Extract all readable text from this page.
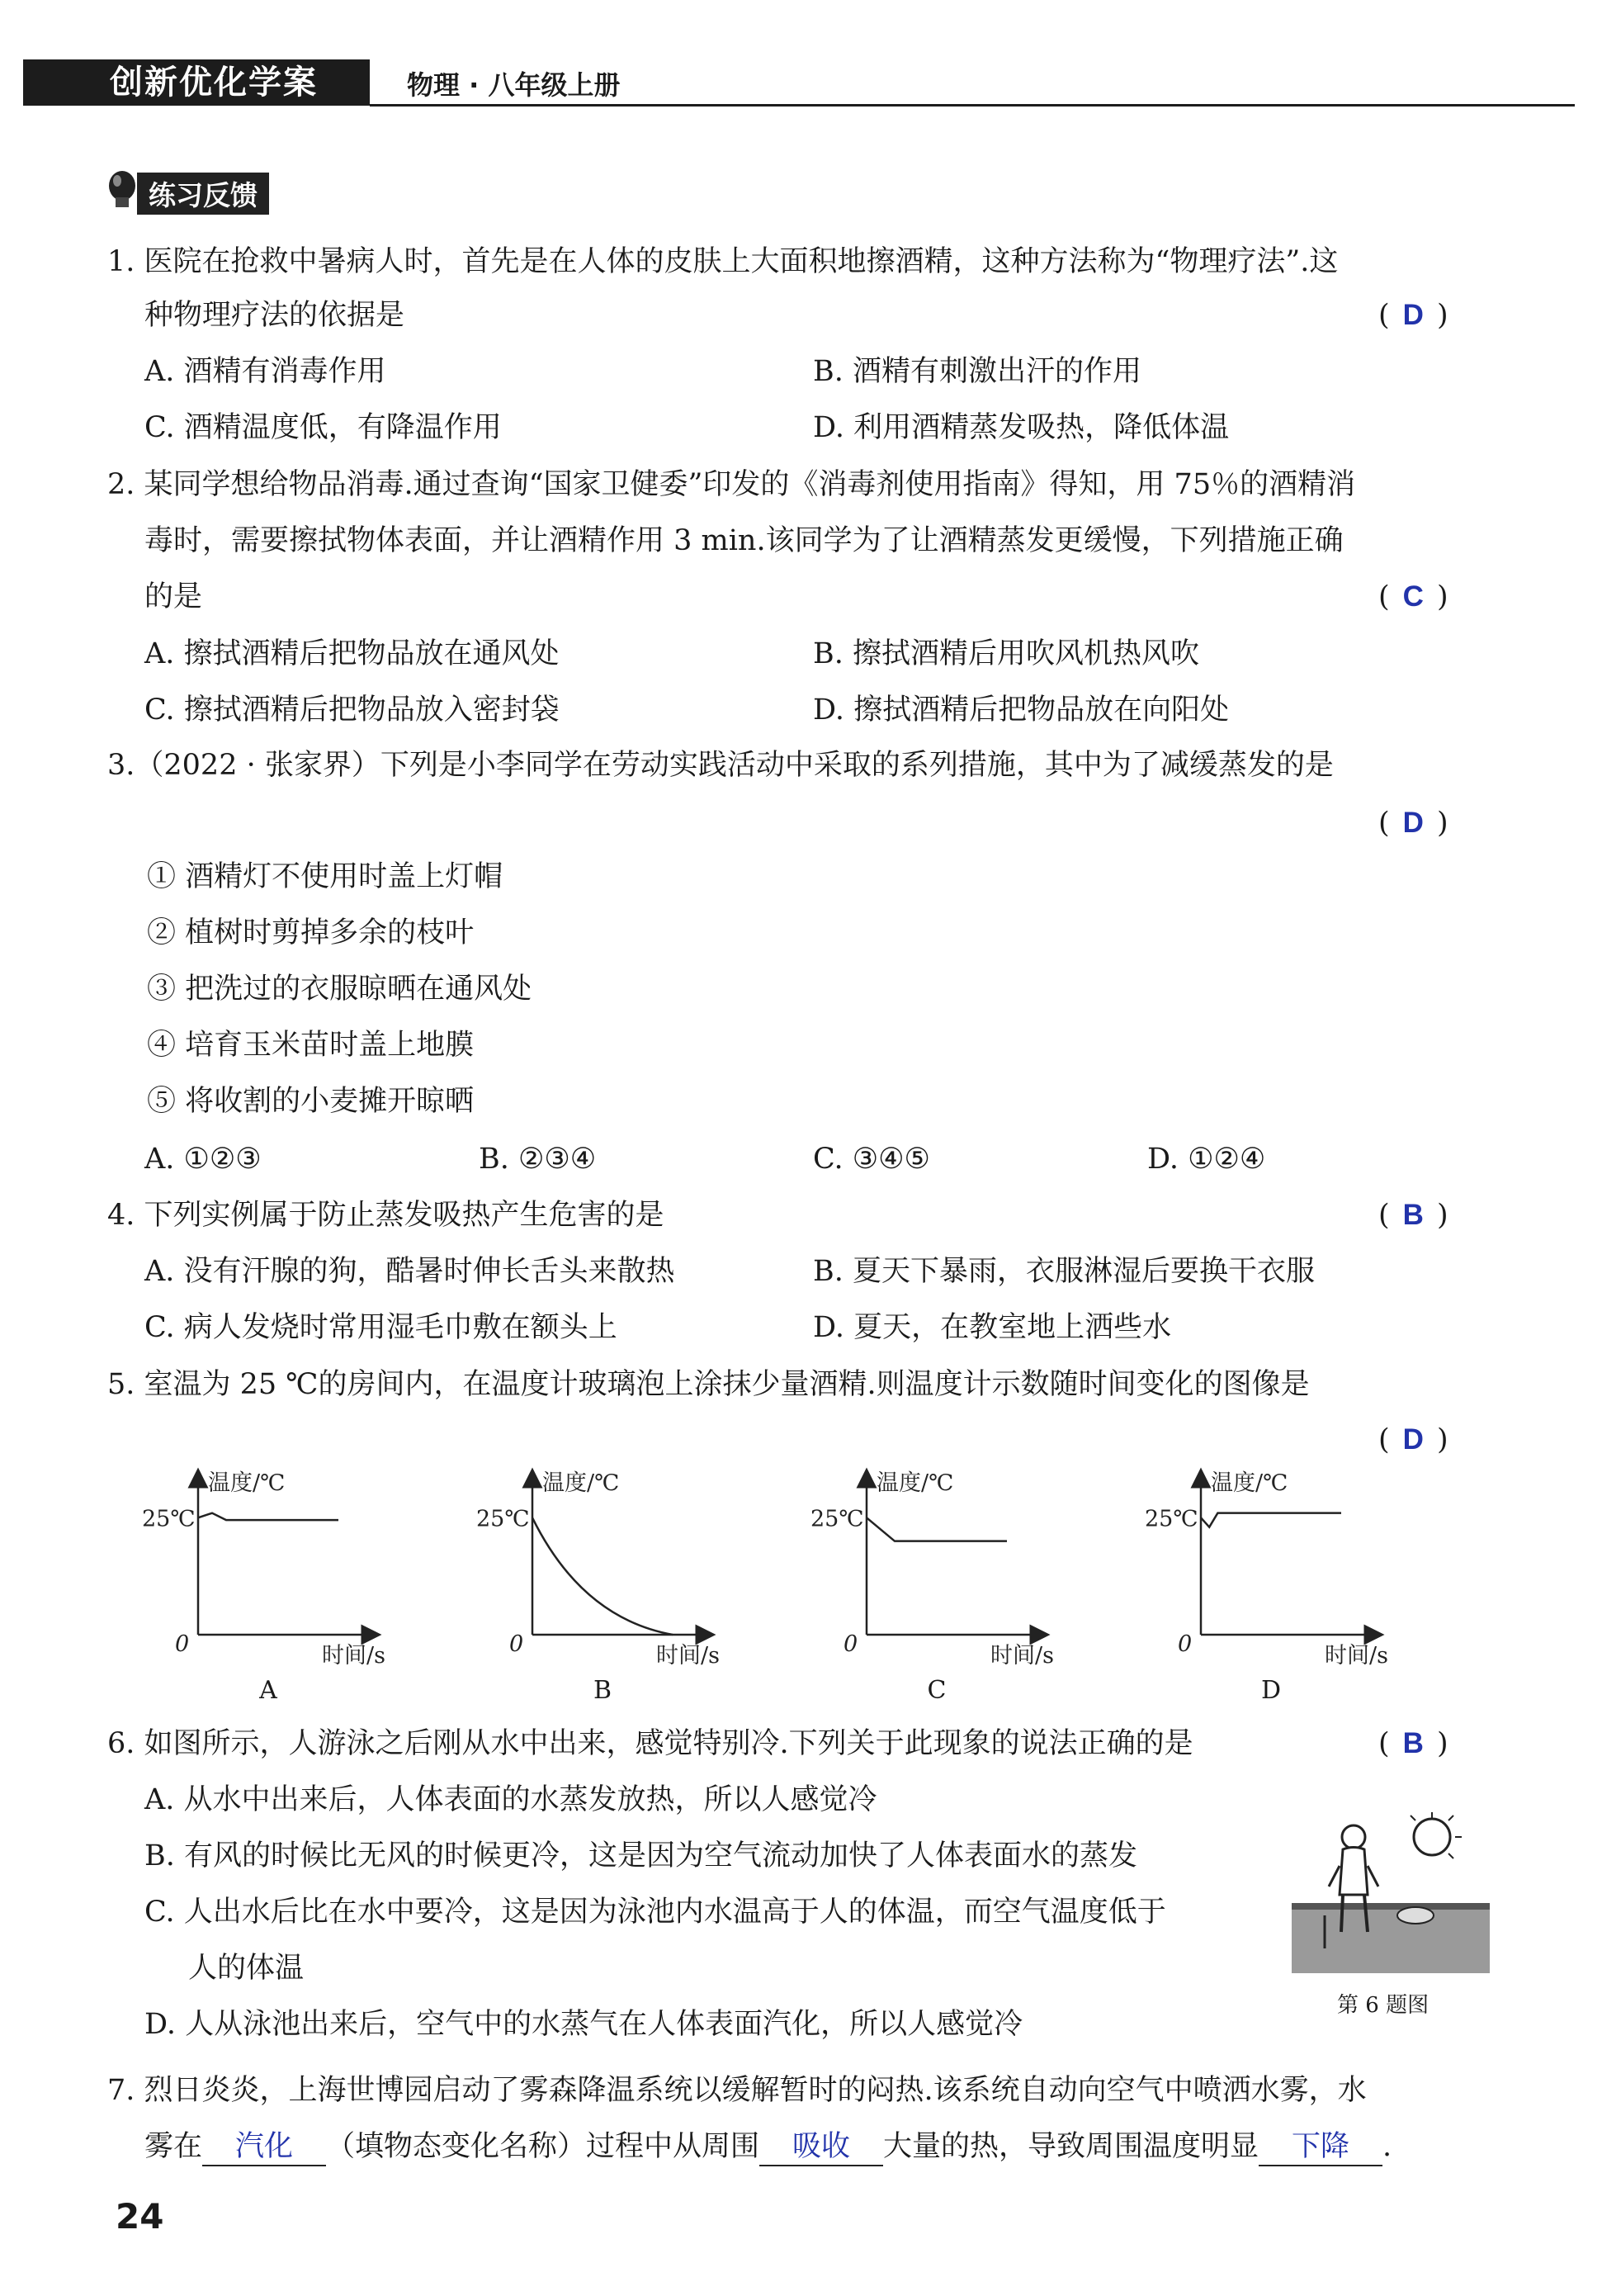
创新优化学案	物理 · 八年级上册
练习反馈
1. 医院在抢救中暑病人时，首先是在人体的皮肤上大面积地擦酒精，这种方法称为“物理疗法”.这
种物理疗法的依据是	( D )
A. 酒精有消毒作用	B. 酒精有刺激出汗的作用
C. 酒精温度低，有降温作用	D. 利用酒精蒸发吸热，降低体温
2. 某同学想给物品消毒.通过查询“国家卫健委”印发的《消毒剂使用指南》得知，用 75％的酒精消
毒时，需要擦拭物体表面，并让酒精作用 3 min.该同学为了让酒精蒸发更缓慢，下列措施正确
的是	( C )
A. 擦拭酒精后把物品放在通风处	B. 擦拭酒精后用吹风机热风吹
C. 擦拭酒精后把物品放入密封袋	D. 擦拭酒精后把物品放在向阳处
3.（2022 · 张家界）下列是小李同学在劳动实践活动中采取的系列措施，其中为了减缓蒸发的是
( D )
① 酒精灯不使用时盖上灯帽
② 植树时剪掉多余的枝叶
③ 把洗过的衣服晾晒在通风处
④ 培育玉米苗时盖上地膜
⑤ 将收割的小麦摊开晾晒
A. ①②③	B. ②③④	C. ③④⑤	D. ①②④
4. 下列实例属于防止蒸发吸热产生危害的是	( B )
A. 没有汗腺的狗，酷暑时伸长舌头来散热	B. 夏天下暴雨，衣服淋湿后要换干衣服
C. 病人发烧时常用湿毛巾敷在额头上	D. 夏天，在教室地上洒些水
5. 室温为 25 ℃的房间内，在温度计玻璃泡上涂抹少量酒精.则温度计示数随时间变化的图像是
( D )
温度/℃
时间/s
0
25℃
温度/℃
时间/s
0
25℃
温度/℃
时间/s
0
25℃
温度/℃
时间/s
0
25℃
A	B	C	D
6. 如图所示，人游泳之后刚从水中出来，感觉特别冷.下列关于此现象的说法正确的是	( B )
A. 从水中出来后，人体表面的水蒸发放热，所以人感觉冷
B. 有风的时候比无风的时候更冷，这是因为空气流动加快了人体表面水的蒸发
C. 人出水后比在水中要冷，这是因为泳池内水温高于人的体温，而空气温度低于
人的体温
D. 人从泳池出来后，空气中的水蒸气在人体表面汽化，所以人感觉冷
第 6 题图
7. 烈日炎炎，上海世博园启动了雾森降温系统以缓解暂时的闷热.该系统自动向空气中喷洒水雾，水
雾在 汽化 （填物态变化名称）过程中从周围 吸收 大量的热，导致周围温度明显 下降 .
24
